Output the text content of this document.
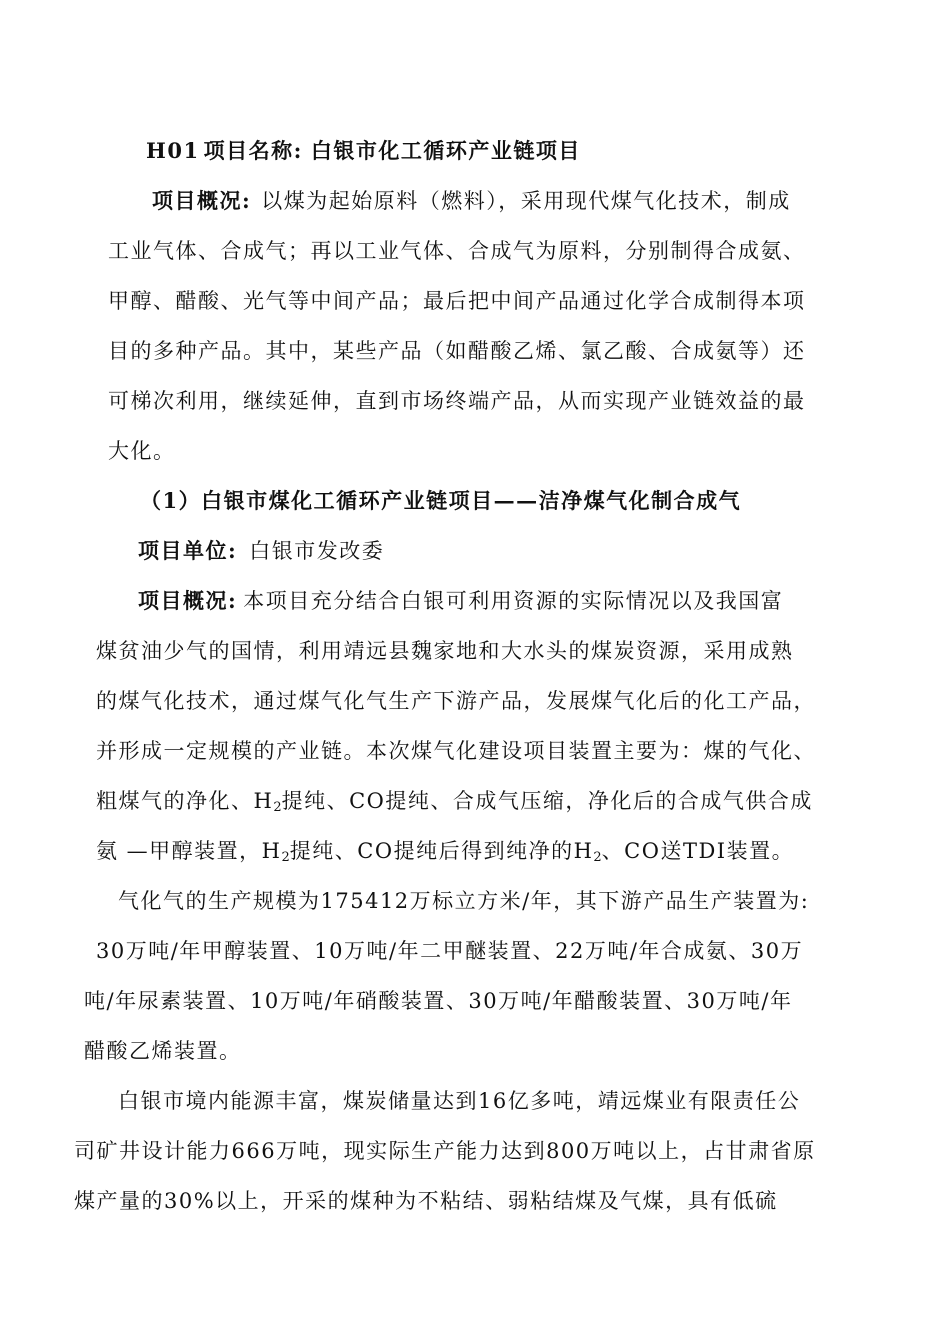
H01 项目名称: 白银市化工循环产业链项目
项目概况: 以煤为起始原料（燃料），采用现代煤气化技术，制成
工业气体、合成气；再以工业气体、合成气为原料，分别制得合成氨、
甲醇、醋酸、光气等中间产品；最后把中间产品通过化学合成制得本项
目的多种产品。其中，某些产品（如醋酸乙烯、氯乙酸、合成氨等）还
可梯次利用，继续延伸，直到市场终端产品，从而实现产业链效益的最
大化。
（1）白银市煤化工循环产业链项目——洁净煤气化制合成气
项目单位: 白银市发改委
项目概况: 本项目充分结合白银可利用资源的实际情况以及我国富
煤贫油少气的国情，利用靖远县魏家地和大水头的煤炭资源，采用成熟
的煤气化技术，通过煤气化气生产下游产品，发展煤气化后的化工产品，
并形成一定规模的产业链。本次煤气化建设项目装置主要为：煤的气化、
粗煤气的净化、$H_2$提纯、CO提纯、合成气压缩，净化后的合成气供合成
氨 —甲醇装置，$H_2$提纯、CO提纯后得到纯净的$H_2$、CO送TDI装置。
气化气的生产规模为175412万标立方米/年，其下游产品生产装置为:
30万吨/年甲醇装置、10万吨/年二甲醚装置、22万吨/年合成氨、30万
吨/年尿素装置、10万吨/年硝酸装置、30万吨/年醋酸装置、30万吨/年
醋酸乙烯装置。
白银市境内能源丰富，煤炭储量达到16亿多吨，靖远煤业有限责任公
司矿井设计能力666万吨，现实际生产能力达到800万吨以上，占甘肃省原
煤产量的30%以上，开采的煤种为不粘结、弱粘结煤及气煤，具有低硫
